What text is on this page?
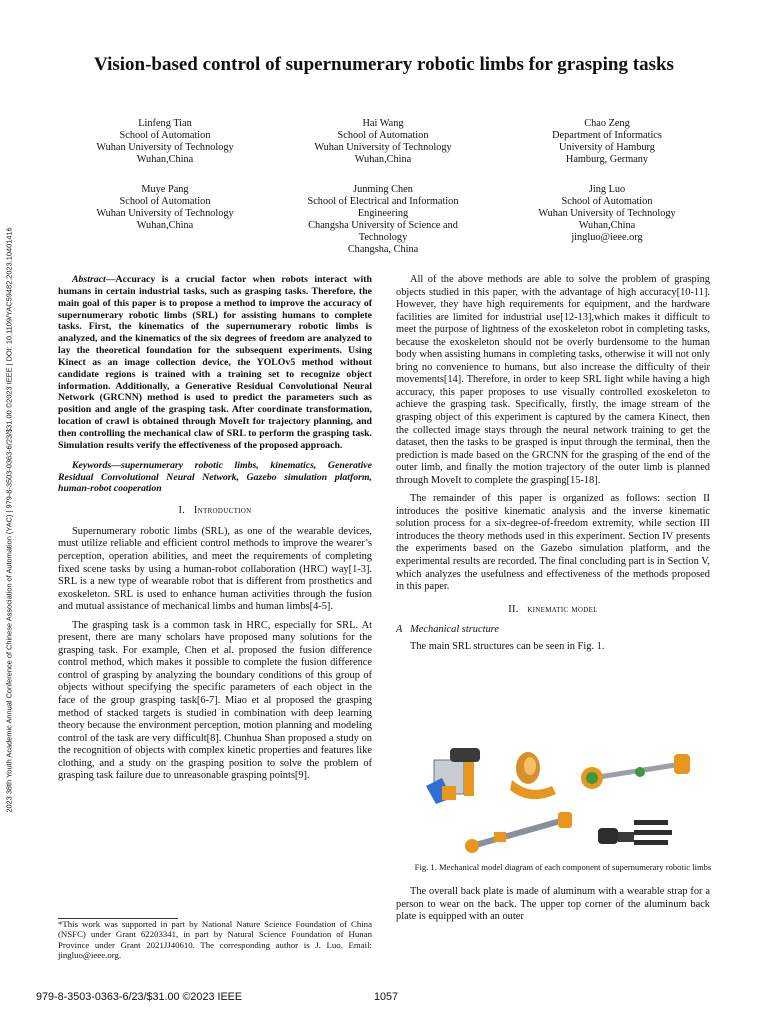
2023 38th Youth Academic Annual Conference of Chinese Association of Automation (YAC) | 979-8-3503-0363-6/23/$31.00 ©2023 IEEE | DOI: 10.1109/YAC59482.2023.10401416
Vision-based control of supernumerary robotic limbs for grasping tasks
Linfeng Tian
School of Automation
Wuhan University of Technology
Wuhan,China
Hai Wang
School of Automation
Wuhan University of Technology
Wuhan,China
Chao Zeng
Department of Informatics
University of Hamburg
Hamburg, Germany
Muye Pang
School of Automation
Wuhan University of Technology
Wuhan,China
Junming Chen
School of Electrical and Information
Engineering
Changsha University of Science and
Technology
Changsha, China
Jing Luo
School of Automation
Wuhan University of Technology
Wuhan,China
jingluo@ieee.org

Abstract—Accuracy is a crucial factor when robots interact with humans in certain industrial tasks, such as grasping tasks. Therefore, the main goal of this paper is to propose a method to improve the accuracy of supernumerary robotic limbs (SRL) for assisting humans to complete tasks. First, the kinematics of the supernumerary robotic limbs is analyzed, and the kinematics of the six degrees of freedom are analyzed to lay the theoretical foundation for the subsequent experiments. Using Kinect as an image collection device, the YOLOv5 method without candidate regions is trained with a training set to recognize object information. Additionally, a Generative Residual Convolutional Neural Network (GRCNN) method is used to predict the parameters such as position and angle of the grasping task. After coordinate transformation, location of crawl is obtained through MoveIt for trajectory planning, and then controlling the mechanical claw of SRL to perform the grasping task. Simulation results verify the effectiveness of the proposed approach.

Keywords—supernumerary robotic limbs, kinematics, Generative Residual Convolutional Neural Network, Gazebo simulation platform, human-robot cooperation

I. Introduction

Supernumerary robotic limbs (SRL), as one of the wearable devices, must utilize reliable and efficient control methods to improve the wearer’s perception, operation abilities, and meet the requirements of completing fixed scene tasks by using a human-robot collaboration (HRC) way[1-3]. SRL is a new type of wearable robot that is different from prosthetics and exoskeleton. SRL is used to enhance human activities through the fusion and mutual assistance of mechanical limbs and human limbs[4-5].

The grasping task is a common task in HRC, especially for SRL. At present, there are many scholars have proposed many solutions for the grasping task. For example, Chen et al. proposed the fusion difference control method, which makes it possible to complete the fusion difference control of grasping by analyzing the boundary conditions of this group of objects without specifying the specific parameters of each object in the face of the group grasping task[6-7]. Miao et al proposed the grasping method of stacked targets is studied in combination with deep learning theory because the environment perception, motion planning and modeling control of the task are very difficult[8]. Chunhua Shan proposed a study on the recognition of objects with complex kinetic properties and features like clothing, and a study on the grasping position to solve the problem of grasping task failure due to unreasonable grasping points[9].

*This work was supported in part by National Nature Science Foundation of China (NSFC) under Grant 62203341, in part by Natural Science Foundation of Hunan Province under Grant 2021JJ40610. The corresponding author is J. Luo. Email: jingluo@ieee.org.

All of the above methods are able to solve the problem of grasping objects studied in this paper, with the advantage of high accuracy[10-11]. However, they have high requirements for equipment, and the hardware facilities are limited for industrial use[12-13],which makes it difficult to meet the purpose of lightness of the exoskeleton robot in completing tasks, because the exoskeleton should not be overly burdensome to the human body when assisting humans in completing tasks, otherwise it will not only bring no convenience to humans, but also increase the difficulty of their movements[14]. Therefore, in order to keep SRL light while having a high accuracy, this paper proposes to use visually controlled exoskeleton to achieve the grasping task. Specifically, firstly, the image stream of the grasping object of this experiment is captured by the camera Kinect, then the collected image stays through the neural network training to get the dataset, then the tasks to be grasped is input through the terminal, then the prediction is made based on the GRCNN for the grasping of the end of the outer limb, and finally the motion trajectory of the outer limb is planned through MoveIt to complete the grasping[15-18].

The remainder of this paper is organized as follows: section II introduces the positive kinematic analysis and the inverse kinematic solution process for a six-degree-of-freedom extremity, while section III introduces the theory methods used in this experiment. Section IV presents the experiments based on the Gazebo simulation platform, and the experimental results are recorded. The final concluding part is in Section V, which analyzes the usefulness and effectiveness of the methods proposed in this paper.

II. kinematic model
A Mechanical structure

The main SRL structures can be seen in Fig. 1.

Fig. 1. Mechanical model diagram of each component of supernumerary robotic limbs

The overall back plate is made of aluminum with a wearable strap for a person to wear on the back. The upper top corner of the aluminum back plate is equipped with an outer

979-8-3503-0363-6/23/$31.00 ©2023 IEEE	1057
